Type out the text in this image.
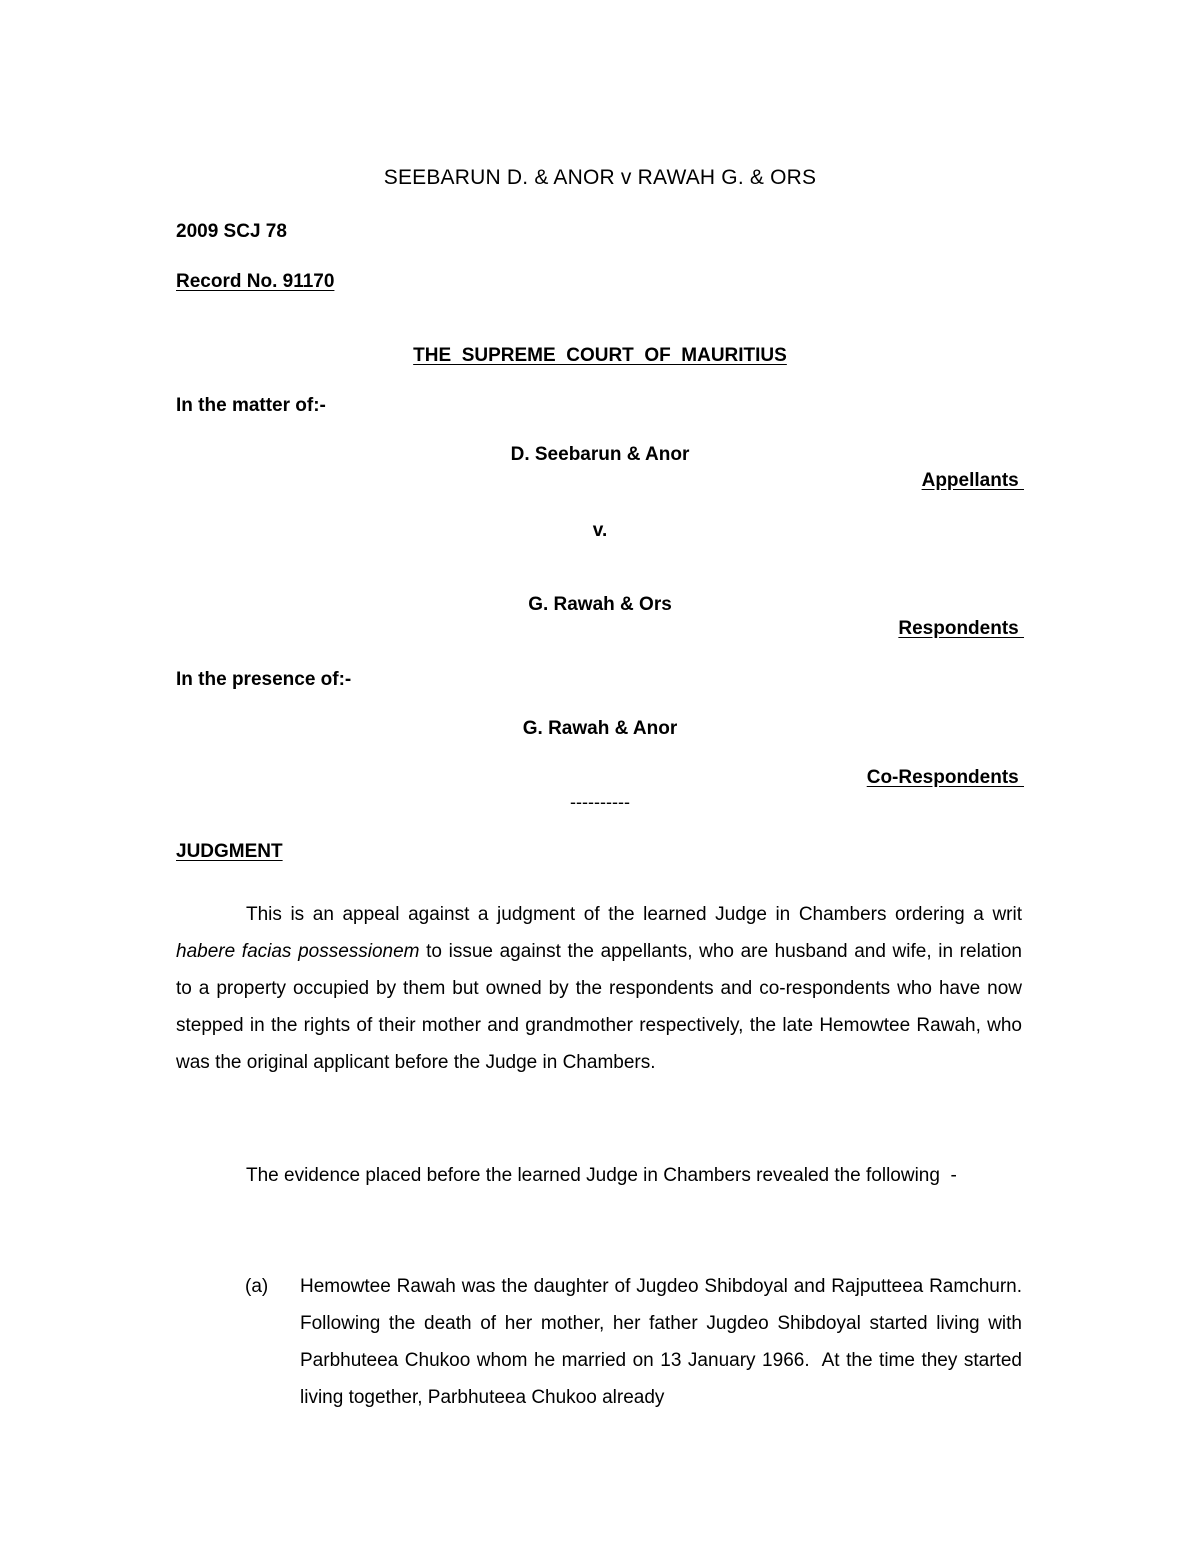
SEEBARUN D. & ANOR v RAWAH G. & ORS
2009 SCJ 78
Record No. 91170
THE  SUPREME  COURT  OF  MAURITIUS
In the matter of:-
D. Seebarun & Anor
Appellants
v.
G. Rawah & Ors
Respondents
In the presence of:-
G. Rawah & Anor
Co-Respondents
----------
JUDGMENT

This is an appeal against a judgment of the learned Judge in Chambers ordering a writ habere facias possessionem to issue against the appellants, who are husband and wife, in relation to a property occupied by them but owned by the respondents and co-respondents who have now stepped in the rights of their mother and grandmother respectively, the late Hemowtee Rawah, who was the original applicant before the Judge in Chambers.

The evidence placed before the learned Judge in Chambers revealed the following  -

(a) Hemowtee Rawah was the daughter of Jugdeo Shibdoyal and Rajputteea Ramchurn.  Following the death of her mother, her father Jugdeo Shibdoyal started living with Parbhuteea Chukoo whom he married on 13 January 1966.  At the time they started living together, Parbhuteea Chukoo already
